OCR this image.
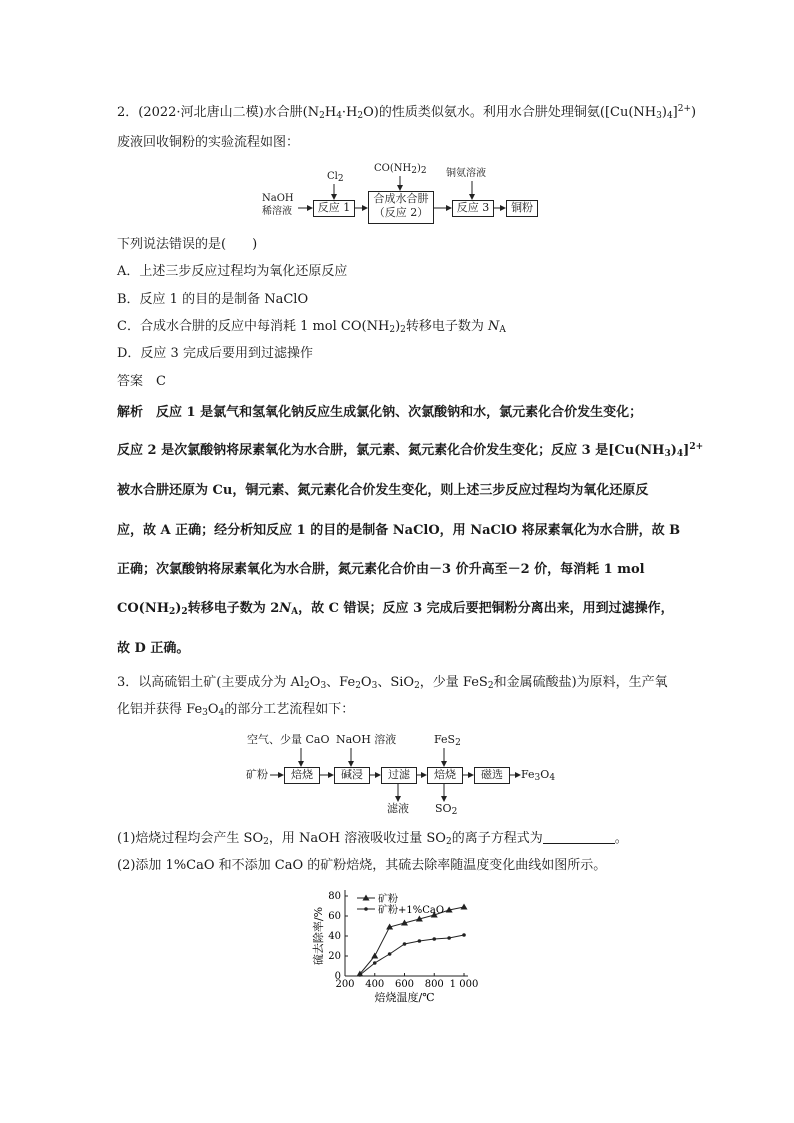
2．(2022·河北唐山二模)水合肼$(N_2H_4\cdot H_2O)$的性质类似氨水。利用水合肼处理铜氨$([Cu(NH_3)_4]^{2+})$
废液回收铜粉的实验流程如图：
NaOH
稀溶液
$Cl_2$
$CO(NH_2)_2$ 铜氨溶液
反应 1
合成水合肼
（反应 2）	反应 3	铜粉
下列说法错误的是(　　)
A．上述三步反应过程均为氧化还原反应
B．反应 1 的目的是制备 NaClO
C．合成水合肼的反应中每消耗 1 mol $CO(NH_2)_2$转移电子数为 $N_A$
D．反应 3 完成后要用到过滤操作
答案　 C
解析　 反应 1 是氯气和氢氧化钠反应生成氯化钠、次氯酸钠和水，氯元素化合价发生变化；
反应 2 是次氯酸钠将尿素氧化为水合肼，氯元素、氮元素化合价发生变化；反应 3 是$[Cu(NH_3)_4]^{2+}$
被水合肼还原为 Cu，铜元素、氮元素化合价发生变化，则上述三步反应过程均为氧化还原反
应，故 A 正确；经分析知反应 1 的目的是制备 NaClO，用 NaClO 将尿素氧化为水合肼，故 B
正确；次氯酸钠将尿素氧化为水合肼，氮元素化合价由－3 价升高至－2 价，每消耗 1 mol
$CO(NH_2)_2$转移电子数为 $2N_A$，故 C 错误；反应 3 完成后要把铜粉分离出来，用到过滤操作，
故 D 正确。
3．以高硫铝土矿(主要成分为 $Al_2O_3$、$Fe_2O_3$、SiO$_2$，少量 FeS$_2$和金属硫酸盐)为原料，生产氧
化铝并获得 $Fe_3O_4$的部分工艺流程如下：
空气、少量 CaO NaOH 溶液	FeS$_2$
矿粉	焙烧	碱浸	过滤	焙烧	磁选	$Fe_3O_4$
滤液 $SO_2$
(1)焙烧过程均会产生 $SO_2$，用 NaOH 溶液吸收过量 $SO_2$的离子方程式为	。
(2)添加 1%CaO 和不添加 CaO 的矿粉焙烧，其硫去除率随温度变化曲线如图所示。
200 400 600 800 1 000
0
20
40
60
80
焙烧温度/℃
硫去除率/%
矿粉
矿粉+1%CaO
